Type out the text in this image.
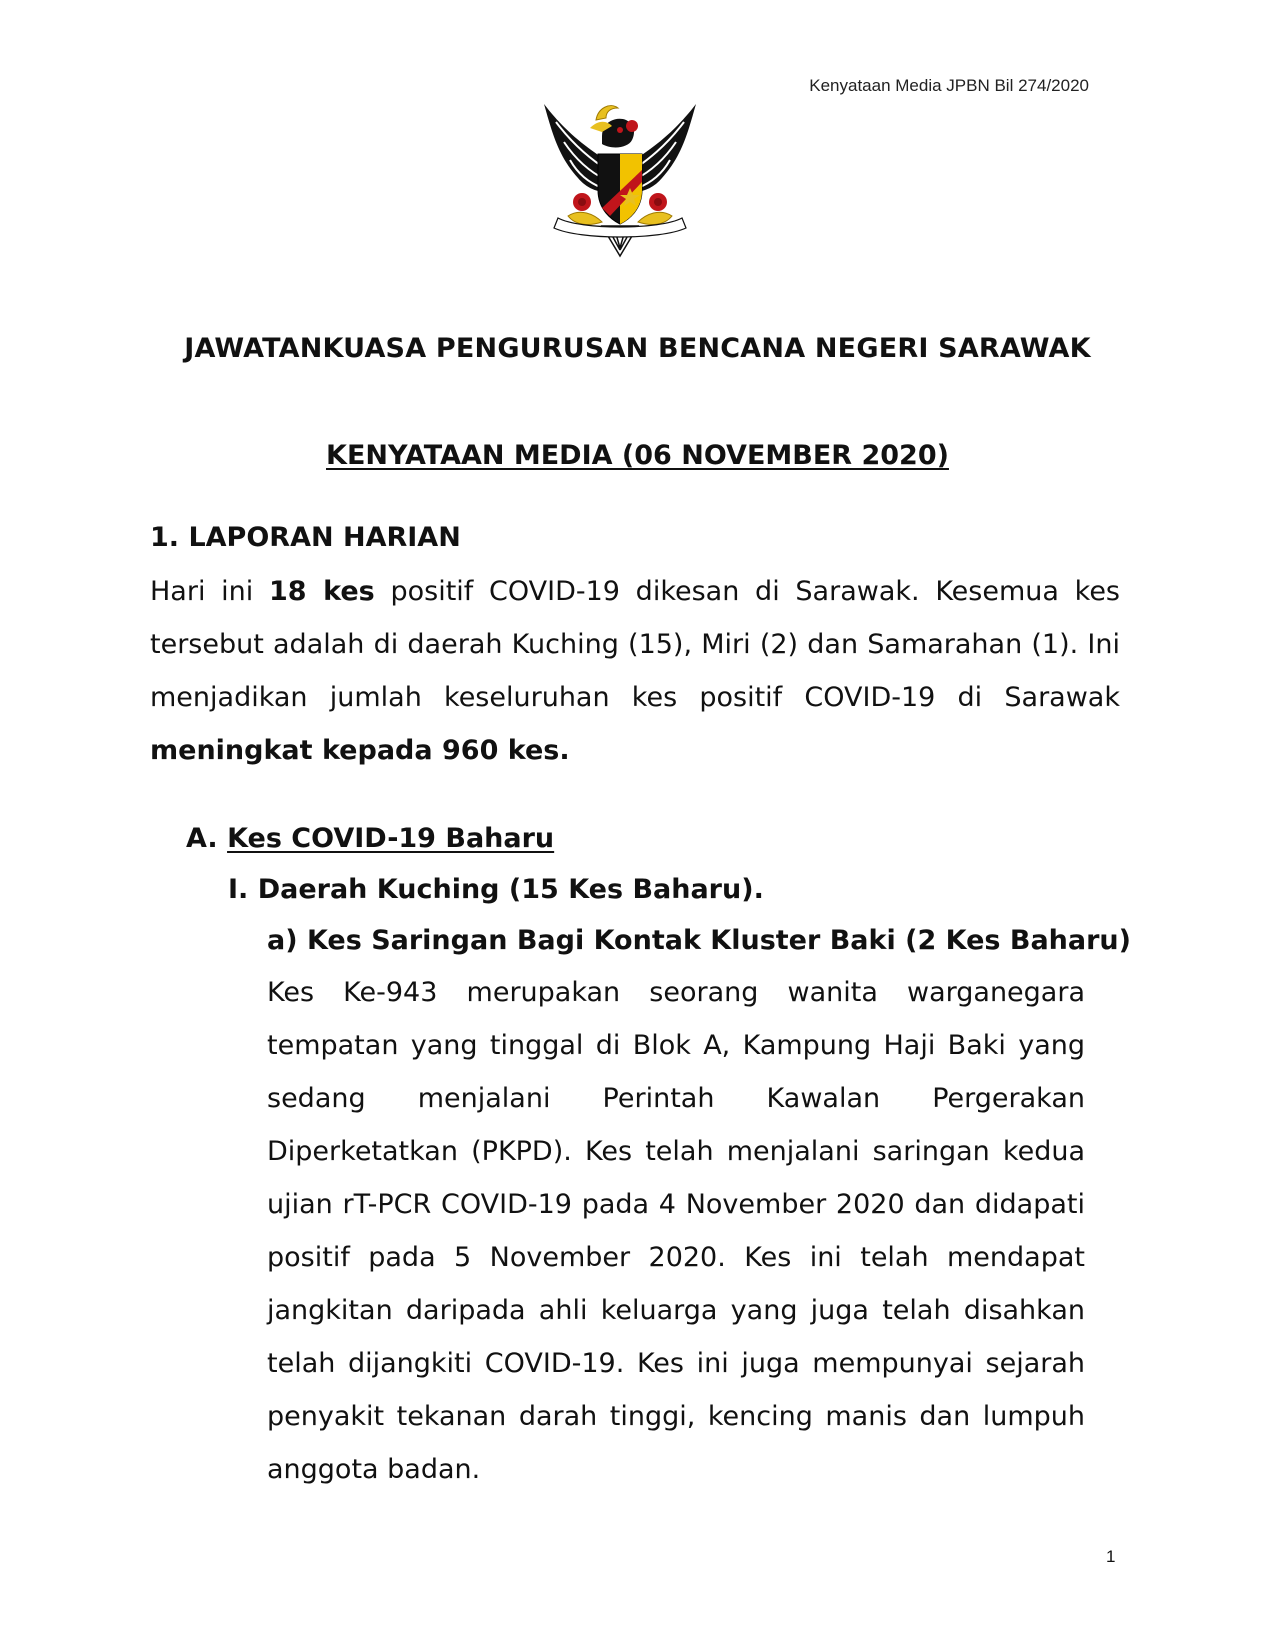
Kenyataan Media JPBN Bil 274/2020
JAWATANKUASA PENGURUSAN BENCANA NEGERI SARAWAK
KENYATAAN MEDIA (06 NOVEMBER 2020)
1. LAPORAN HARIAN

Hari ini 18 kes positif COVID-19 dikesan di Sarawak. Kesemua kes tersebut adalah di daerah Kuching (15), Miri (2) dan Samarahan (1). Ini menjadikan jumlah keseluruhan kes positif COVID-19 di Sarawak meningkat kepada 960 kes.

A. Kes COVID-19 Baharu
I. Daerah Kuching (15 Kes Baharu).
a) Kes Saringan Bagi Kontak Kluster Baki (2 Kes Baharu)

Kes Ke-943 merupakan seorang wanita warganegara tempatan yang tinggal di Blok A, Kampung Haji Baki yang sedang menjalani Perintah Kawalan Pergerakan Diperketatkan (PKPD). Kes telah menjalani saringan kedua ujian rT-PCR COVID-19 pada 4 November 2020 dan didapati positif pada 5 November 2020. Kes ini telah mendapat jangkitan daripada ahli keluarga yang juga telah disahkan telah dijangkiti COVID-19. Kes ini juga mempunyai sejarah penyakit tekanan darah tinggi, kencing manis dan lumpuh anggota badan.

1
